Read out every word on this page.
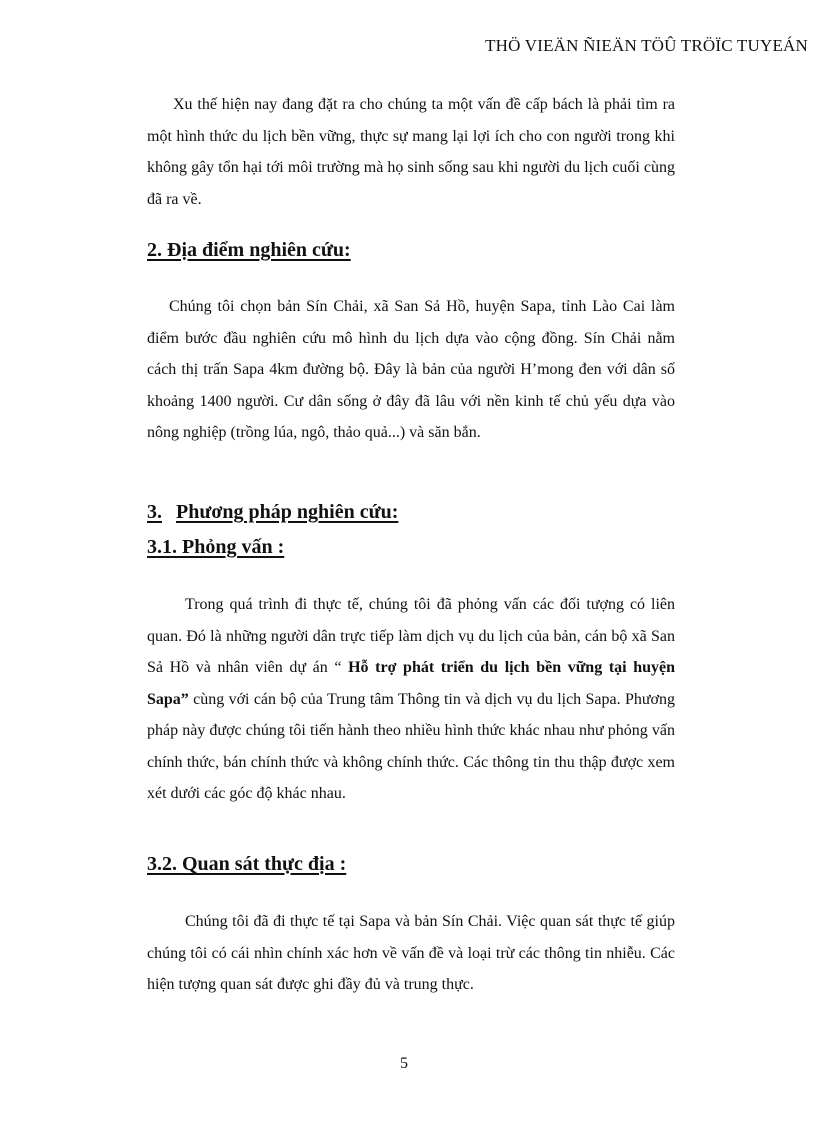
THÖ VIEÄN ÑIEÄN TÖÛ TRÖÏC TUYEÁN

Xu thế hiện nay đang đặt ra cho chúng ta một vấn đề cấp bách là phải tìm ra một hình thức du lịch bền vững, thực sự mang lại lợi ích cho con người trong khi không gây tổn hại tới môi trường mà họ sinh sống sau khi người du lịch cuối cùng đã ra về.

2. Địa điểm nghiên cứu:

Chúng tôi chọn bản Sín Chải, xã San Sả Hồ, huyện Sapa, tỉnh Lào Cai làm điểm bước đầu nghiên cứu mô hình du lịch dựa vào cộng đồng. Sín Chải nằm cách thị trấn Sapa 4km đường bộ. Đây là bản của người H’mong đen với dân số khoảng 1400 người. Cư dân sống ở đây đã lâu với nền kinh tế chủ yếu dựa vào nông nghiệp (trồng lúa, ngô, thảo quả...) và săn bắn.

3. Phương pháp nghiên cứu:
3.1. Phỏng vấn :

Trong quá trình đi thực tế, chúng tôi đã phỏng vấn các đối tượng có liên quan. Đó là những người dân trực tiếp làm dịch vụ du lịch của bản, cán bộ xã San Sả Hồ và nhân viên dự án “ Hỗ trợ phát triển du lịch bền vững tại huyện Sapa” cùng với cán bộ của Trung tâm Thông tin và dịch vụ du lịch Sapa. Phương pháp này được chúng tôi tiến hành theo nhiều hình thức khác nhau như phỏng vấn chính thức, bán chính thức và không chính thức. Các thông tin thu thập được xem xét dưới các góc độ khác nhau.

3.2. Quan sát thực địa :

Chúng tôi đã đi thực tế tại Sapa và bản Sín Chải. Việc quan sát thực tế giúp chúng tôi có cái nhìn chính xác hơn về vấn đề và loại trừ các thông tin nhiễu. Các hiện tượng quan sát được ghi đầy đủ và trung thực.

5
